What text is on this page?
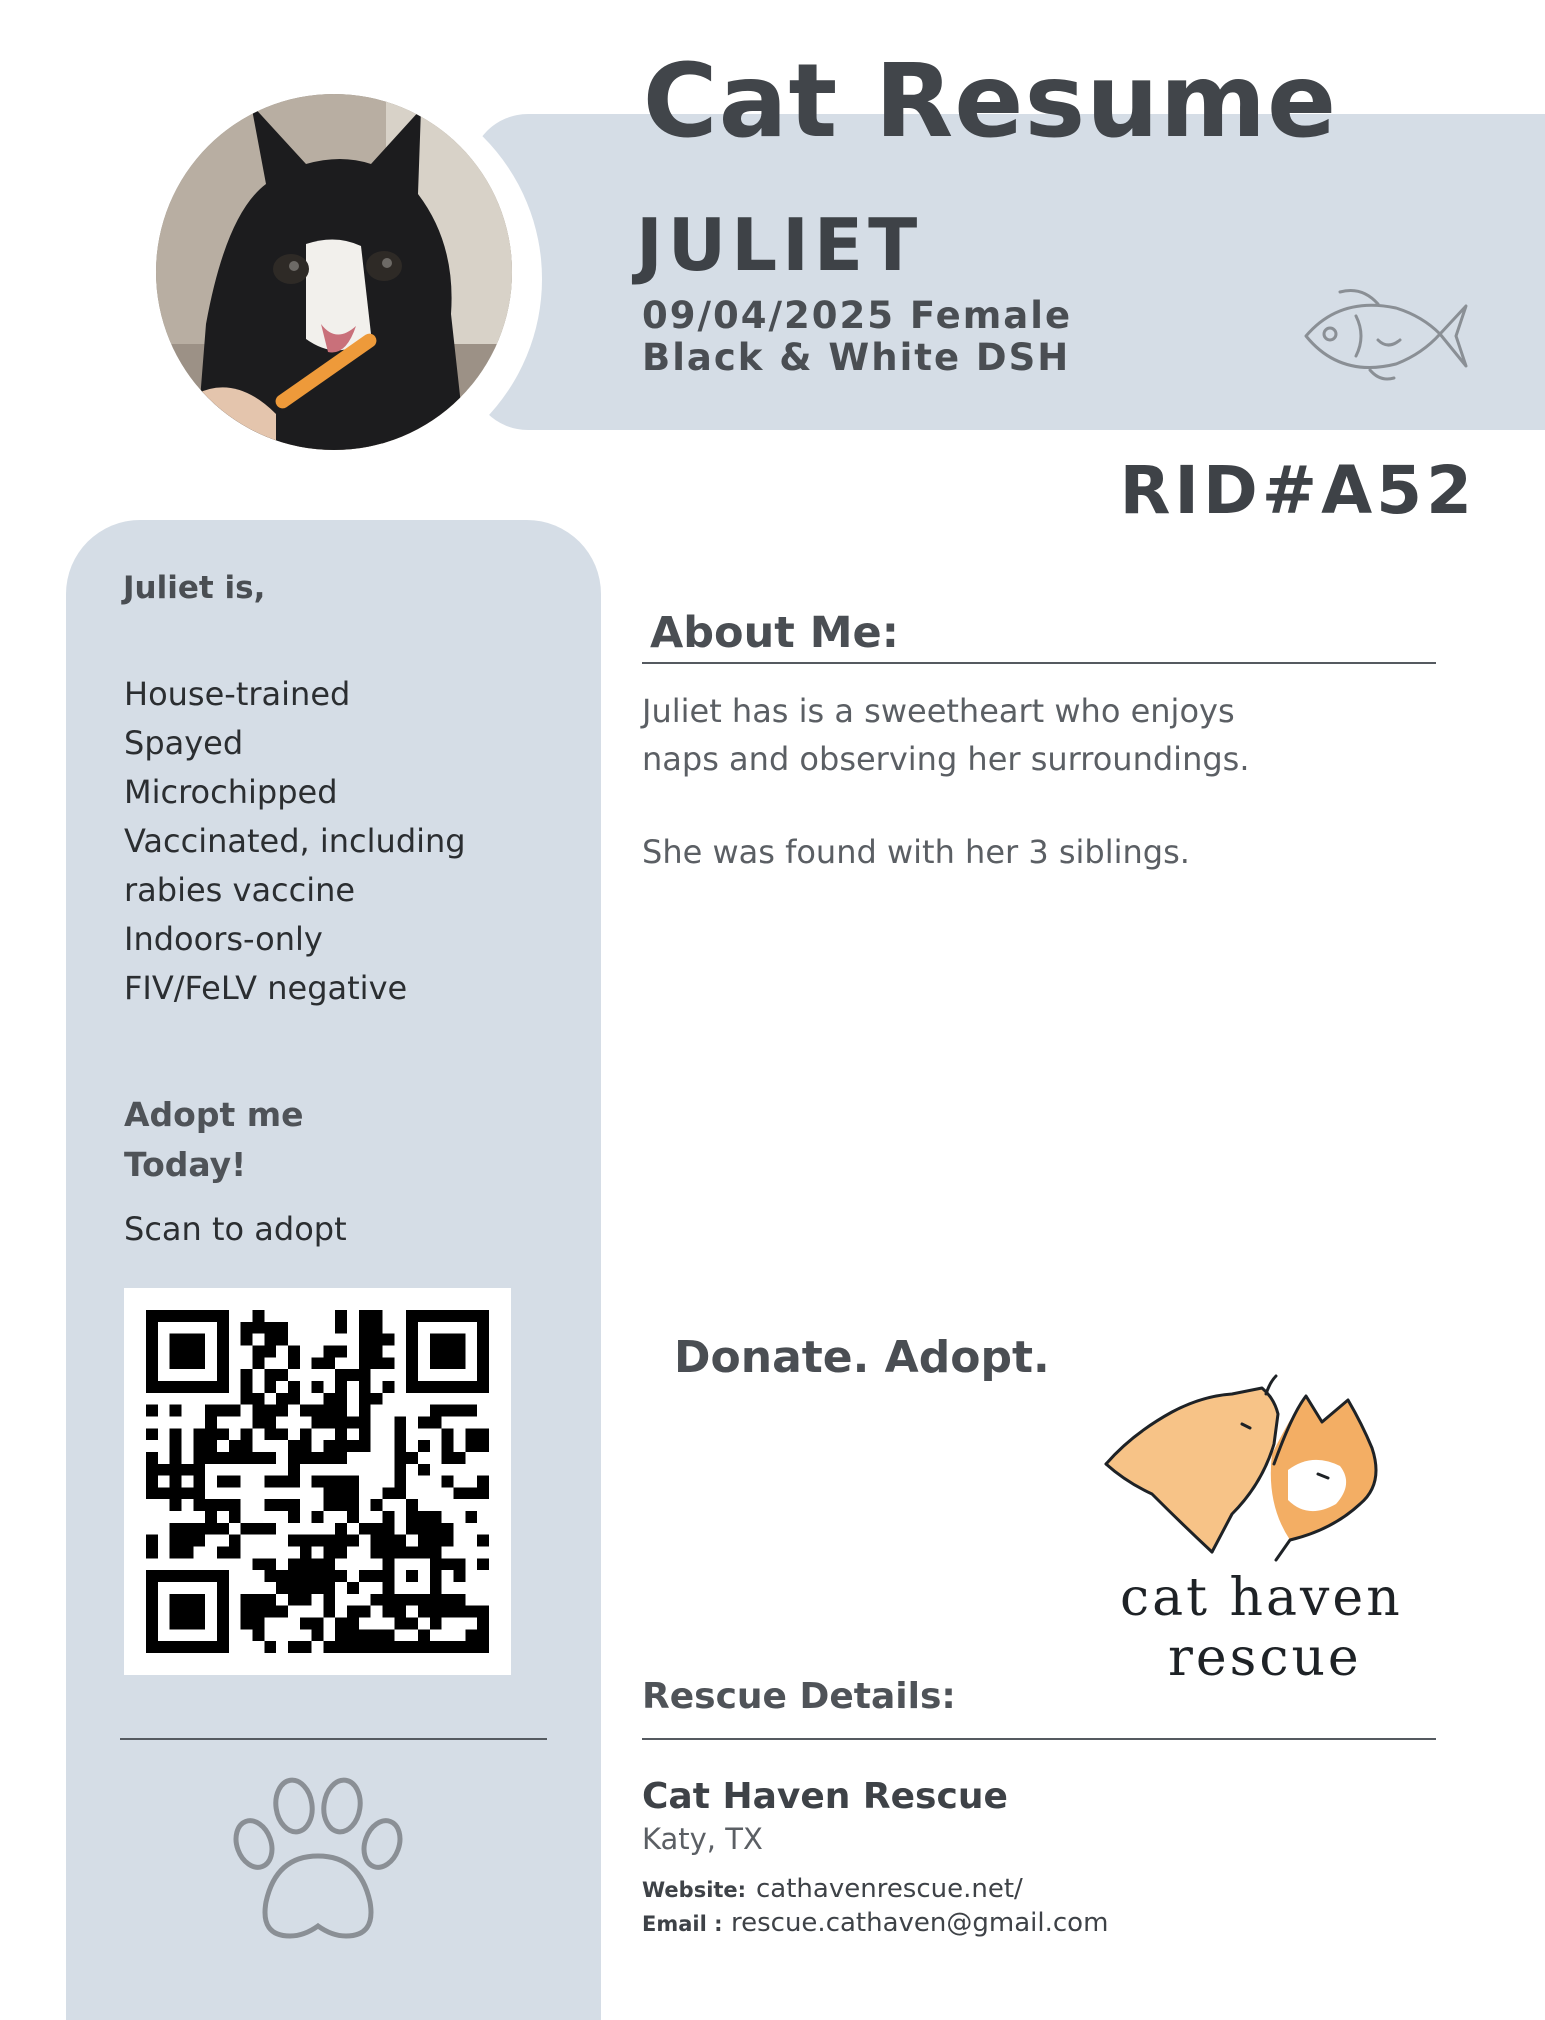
Cat Resume
JULIET
09/04/2025 Female
Black & White DSH
RID#A52
Juliet is,
House-trained
Spayed
Microchipped
Vaccinated, including
rabies vaccine
Indoors-only
FIV/FeLV negative
Adopt me
Today!
Scan to adopt
About Me:
Juliet has is a sweetheart who enjoys
naps and observing her surroundings.
She was found with her 3 siblings.
Donate. Adopt.
cat haven
rescue
Rescue Details:
Cat Haven Rescue
Katy, TX
Website: cathavenrescue.net/
Email : rescue.cathaven@gmail.com
